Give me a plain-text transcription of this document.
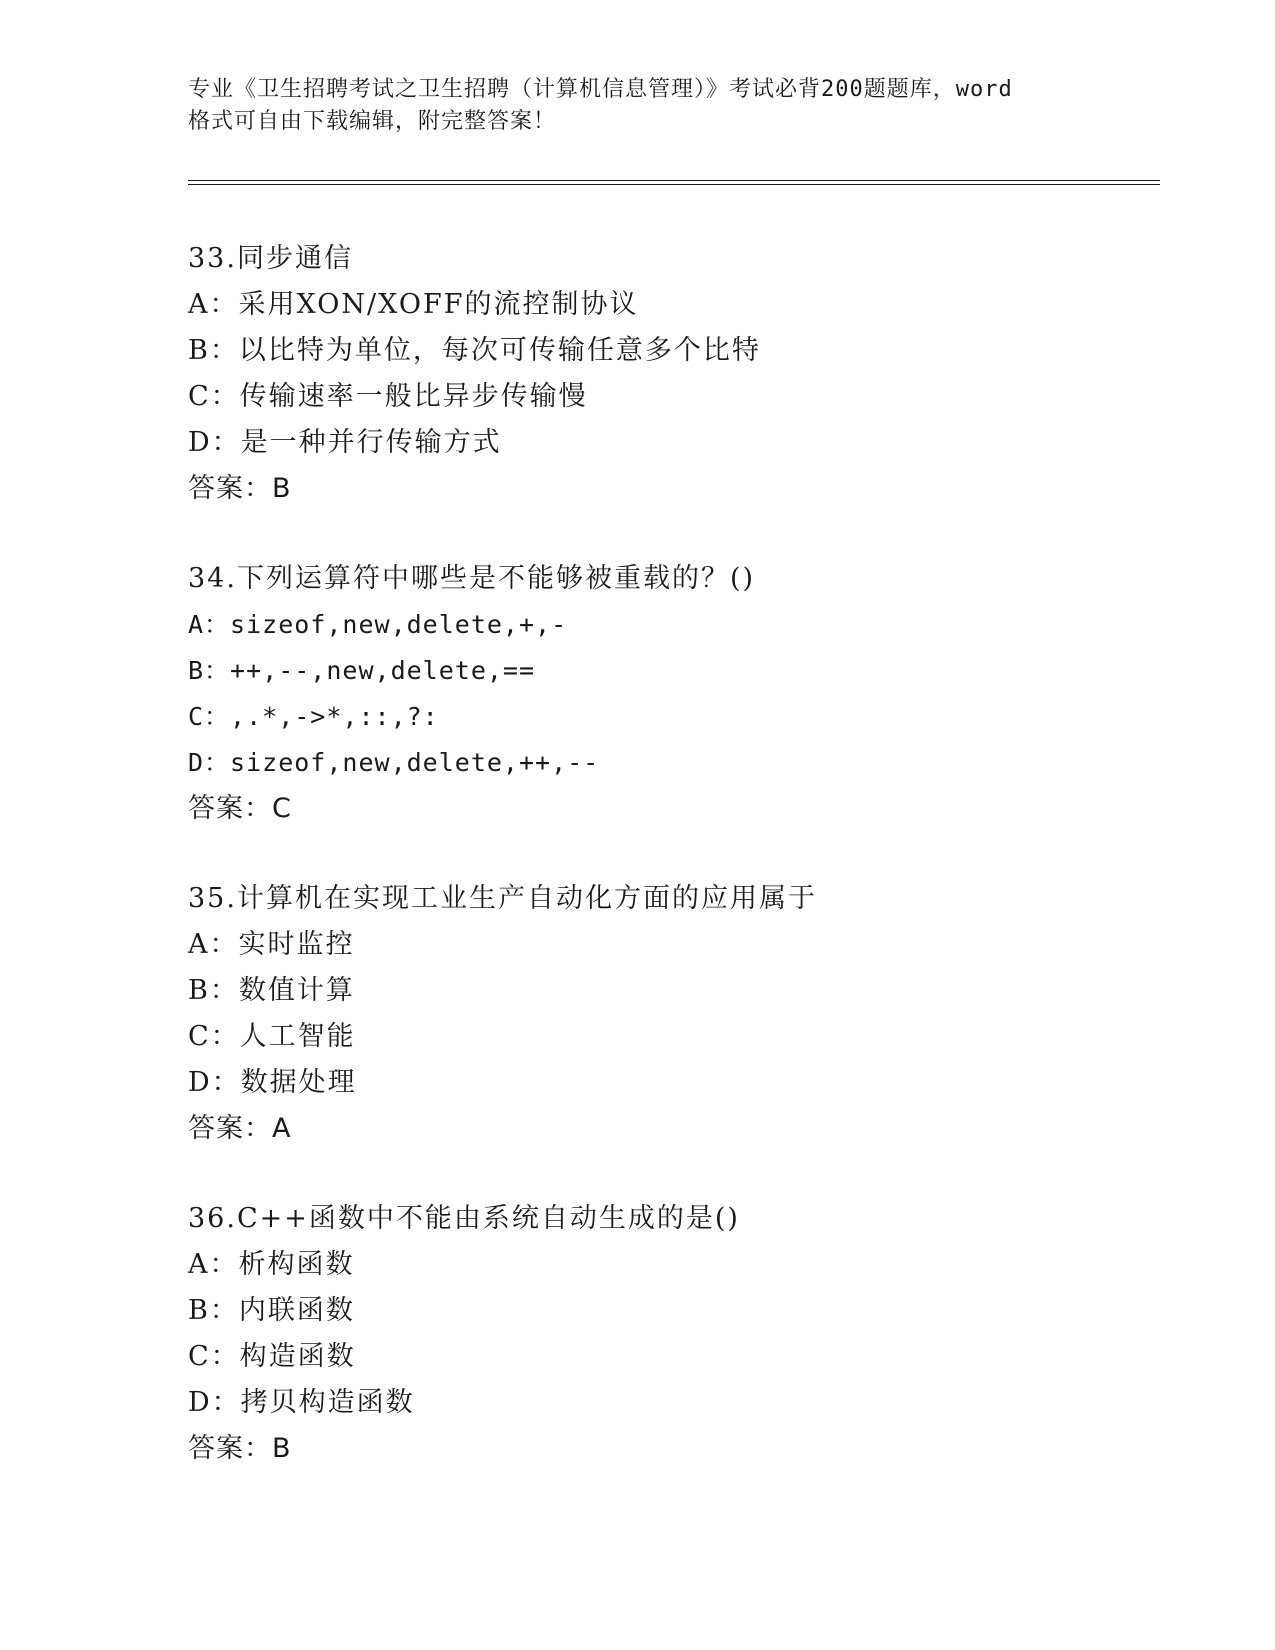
专业《卫生招聘考试之卫生招聘（计算机信息管理）》考试必背200题题库，word
格式可自由下载编辑，附完整答案！
33.同步通信
A：采用XON/XOFF的流控制协议
B：以比特为单位，每次可传输任意多个比特
C：传输速率一般比异步传输慢
D：是一种并行传输方式
答案：B
34.下列运算符中哪些是不能够被重载的？()
A：sizeof,new,delete,+,-
B：++,--,new,delete,==
C：,.*,->*,::,?:
D：sizeof,new,delete,++,--
答案：C
35.计算机在实现工业生产自动化方面的应用属于
A：实时监控
B：数值计算
C：人工智能
D：数据处理
答案：A
36.C++函数中不能由系统自动生成的是()
A：析构函数
B：内联函数
C：构造函数
D：拷贝构造函数
答案：B
